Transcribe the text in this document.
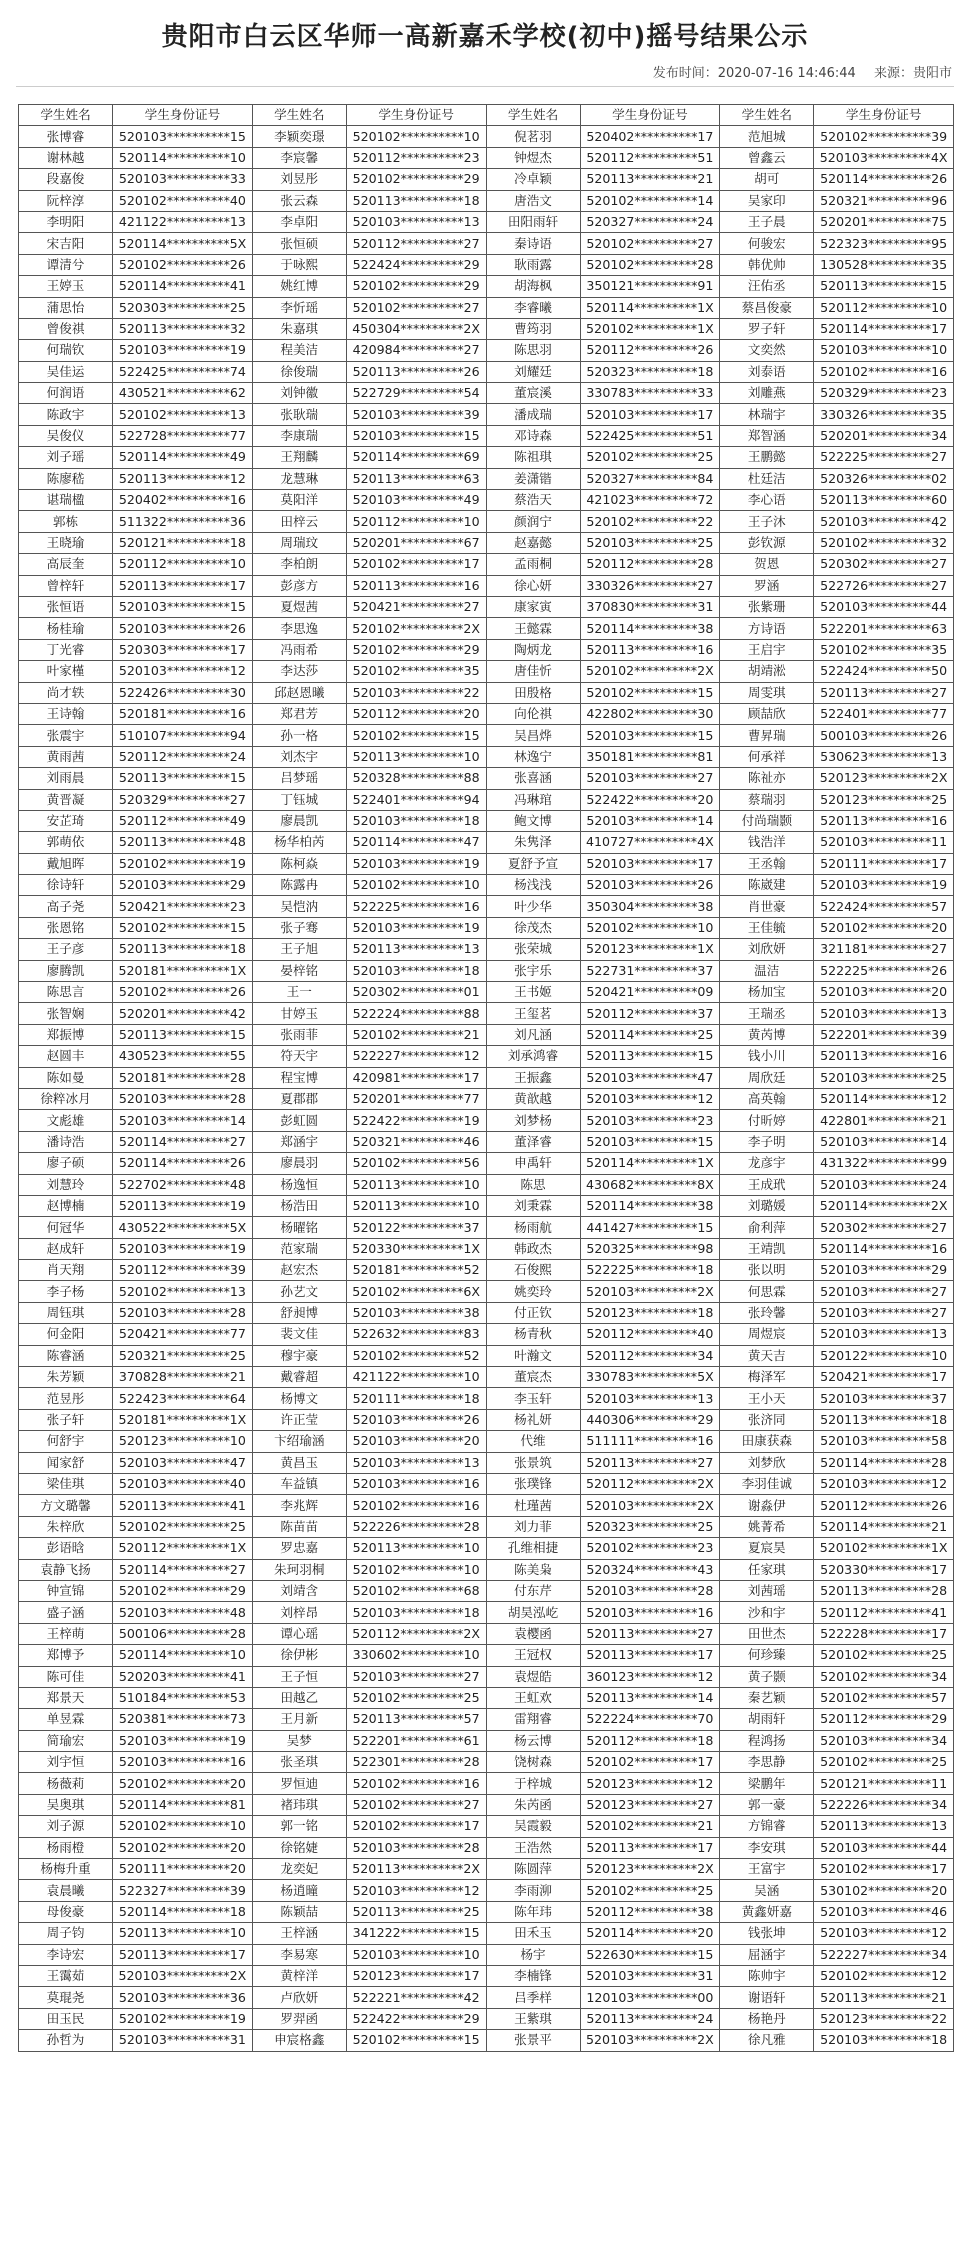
贵阳市白云区华师一高新嘉禾学校(初中)摇号结果公示
发布时间：2020-07-16 14:46:44 来源：贵阳市
学生姓名	学生身份证号	学生姓名	学生身份证号	学生姓名	学生身份证号	学生姓名	学生身份证号
张博睿	520103**********15	李颖奕璟	520102**********10	倪茗羽	520402**********17	范旭城	520102**********39
谢林越	520114**********10	李宸馨	520112**********23	钟煜杰	520112**********51	曾鑫云	520103**********4X
段嘉俊	520103**********33	刘昱彤	520102**********29	冷卓颖	520113**********21	胡可	520114**********26
阮梓淳	520102**********40	张云森	520113**********18	唐浩文	520102**********14	吴家印	520321**********96
李明阳	421122**********13	李卓阳	520103**********13	田阳雨轩	520327**********24	王子晨	520201**********75
宋吉阳	520114**********5X	张恒硕	520112**********27	秦诗语	520102**********27	何骏宏	522323**********95
谭清兮	520102**********26	于咏熙	522424**********29	耿雨露	520102**********28	韩优帅	130528**********35
王婷玉	520114**********41	姚红博	520102**********29	胡海枫	350121**********91	汪佑丞	520113**********15
蒲思怡	520303**********25	李忻瑶	520102**********27	李睿曦	520114**********1X	蔡昌俊豪	520112**********10
曾俊祺	520113**********32	朱嘉琪	450304**********2X	曹筠羽	520102**********1X	罗子轩	520114**********17
何瑞钦	520103**********19	程美洁	420984**********27	陈思羽	520112**********26	文奕然	520103**********10
吴佳运	522425**********74	徐俊瑞	520113**********26	刘耀廷	520323**********18	刘泰语	520102**********16
何润语	430521**********62	刘钟徽	522729**********54	董宸溪	330783**********33	刘雕燕	520329**********23
陈政宇	520102**********13	张耿瑞	520103**********39	潘成瑞	520103**********17	林瑞宇	330326**********35
吴俊仪	522728**********77	李康瑞	520103**********15	邓诗森	522425**********51	郑智涵	520201**********34
刘子瑶	520114**********49	王翔麟	520114**********69	陈祖琪	520102**********25	王鹏懿	522225**********27
陈廖嵇	520113**********12	龙慧琳	520113**********63	姜潇锴	520327**********84	杜廷洁	520326**********02
谌瑞楹	520402**********16	莫阳洋	520103**********49	蔡浩天	421023**********72	李心语	520113**********60
郭栋	511322**********36	田梓云	520112**********10	颜润宁	520102**********22	王子沐	520103**********42
王晓瑜	520121**********18	周瑞玟	520201**********67	赵嘉懿	520103**********25	彭钦源	520102**********32
高辰奎	520112**********10	李柏朗	520102**********17	孟雨桐	520112**********28	贺恩	520302**********27
曾梓轩	520113**********17	彭彦方	520113**********16	徐心妍	330326**********27	罗涵	522726**********27
张恒语	520103**********15	夏煜茜	520421**********27	康家寅	370830**********31	张紫珊	520103**********44
杨桂瑜	520103**********26	李思逸	520102**********2X	王懿霖	520114**********38	方诗语	522201**********63
丁光睿	520303**********17	冯雨希	520102**********29	陶炳龙	520113**********16	王启宇	520102**********35
叶家槿	520103**********12	李达莎	520102**********35	唐佳忻	520102**********2X	胡靖淞	522424**********50
尚才轶	522426**********30	邱赵恩曦	520103**********22	田殷格	520102**********15	周雯琪	520113**********27
王诗翰	520181**********16	郑君芳	520112**********20	向伦祺	422802**********30	顾喆欣	522401**********77
张震宇	510107**********94	孙一格	520102**********15	吴昌烨	520103**********15	曹昇瑞	500103**********26
黄雨茜	520112**********24	刘杰宇	520113**********10	林逸宁	350181**********81	何承祥	530623**********13
刘雨晨	520113**********15	吕梦瑶	520328**********88	张喜涵	520103**********27	陈祉亦	520123**********2X
黄晋凝	520329**********27	丁钰城	522401**********94	冯琳琯	522422**********20	蔡瑞羽	520123**********25
安芷琦	520112**********49	廖晨凯	520103**********18	鲍文博	520103**********14	付尚瑞颢	520113**********16
郭萌依	520113**********48	杨华柏芮	520114**********47	朱隽泽	410727**********4X	钱浩洋	520103**********11
戴旭晖	520102**********19	陈柯焱	520103**********19	夏舒予宣	520103**********17	王丞翰	520111**********17
徐诗轩	520103**********29	陈露冉	520102**********10	杨浅浅	520103**********26	陈崴建	520103**********19
高子尧	520421**********23	吴恺汭	522225**********16	叶少华	350304**********38	肖世豪	522424**********57
张恩铭	520102**********15	张子骞	520103**********19	徐茂杰	520102**********10	王佳毓	520102**********20
王子彦	520113**********18	王子旭	520113**********13	张荣城	520123**********1X	刘欣妍	321181**********27
廖腾凯	520181**********1X	晏梓铭	520103**********18	张宇乐	522731**********37	温洁	522225**********26
陈思言	520102**********26	王一	520302**********01	王书姬	520421**********09	杨加宝	520103**********20
张智娴	520201**********42	甘婷玉	522224**********88	王玺茗	520112**********37	王瑞丞	520103**********13
郑振博	520113**********15	张雨菲	520102**********21	刘凡涵	520114**********25	黄芮博	522201**********39
赵圆丰	430523**********55	符天宇	522227**********12	刘承鸿睿	520113**********15	钱小川	520113**********16
陈如曼	520181**********28	程宝博	420981**********17	王振鑫	520103**********47	周欣廷	520103**********25
徐粹冰月	520103**********28	夏郡郡	520201**********77	黄歆越	520103**********12	高英翰	520114**********12
文彪雄	520103**********14	彭虹圆	522422**********19	刘梦杨	520103**********23	付昕婷	422801**********21
潘诗浩	520114**********27	郑涵宇	520321**********46	董泽睿	520103**********15	李子明	520103**********14
廖子硕	520114**********26	廖晨羽	520102**********56	申禹轩	520114**********1X	龙彦宇	431322**********99
刘慧玲	522702**********48	杨逸恒	520113**********10	陈思	430682**********8X	王成玳	520103**********24
赵博楠	520113**********19	杨浩田	520113**********10	刘秉霖	520114**********38	刘璐媛	520114**********2X
何冠华	430522**********5X	杨曜铭	520122**********37	杨雨航	441427**********15	俞利萍	520302**********27
赵成轩	520103**********19	范家瑞	520330**********1X	韩政杰	520325**********98	王靖凯	520114**********16
肖天翔	520112**********39	赵宏杰	520181**********52	石俊熙	522225**********18	张以明	520103**********29
李子杨	520102**********13	孙艺文	520102**********6X	姚奕玲	520103**********2X	何思霖	520103**********27
周钰琪	520103**********28	舒昶博	520103**********38	付正钦	520123**********18	张玲馨	520103**********27
何金阳	520421**********77	裴文佳	522632**********83	杨青秋	520112**********40	周煜宸	520103**********13
陈睿涵	520321**********25	穆宇豪	520102**********52	叶瀚文	520112**********34	黄天吉	520122**********10
朱芳颖	370828**********21	戴睿超	421122**********10	董宸杰	330783**********5X	梅泽军	520421**********17
范昱彤	522423**********64	杨博文	520111**********18	李玉轩	520103**********13	王小天	520103**********37
张子轩	520181**********1X	许正莹	520103**********26	杨礼妍	440306**********29	张济同	520113**********18
何舒宇	520123**********10	卞绍瑜涵	520103**********20	代维	511111**********16	田康获森	520103**********58
闻家舒	520103**********47	黄昌玉	520103**********13	张景筑	520113**********27	刘梦欣	520114**********28
梁佳琪	520103**********40	车益镇	520103**********16	张璞锋	520112**********2X	李羽佳诚	520103**********12
方文璐馨	520113**********41	李兆辉	520102**********16	杜瑾茜	520103**********2X	谢淼伊	520112**********26
朱梓欣	520102**********25	陈苗苗	522226**********28	刘力菲	520323**********25	姚菁希	520114**********21
彭语晗	520112**********1X	罗忠嘉	520113**********10	孔维相捷	520102**********23	夏宸昊	520102**********1X
袁静飞扬	520114**********27	朱珂羽桐	520102**********10	陈美枭	520324**********43	任家琪	520330**********17
钟宣锦	520102**********29	刘靖含	520102**********68	付东芹	520103**********28	刘茜瑶	520113**********28
盛子涵	520103**********48	刘梓昂	520103**********18	胡昊泓屹	520103**********16	沙和宇	520112**********41
王梓萌	500106**********28	谭心瑶	520112**********2X	袁樱函	520113**********27	田世杰	522228**********17
郑博予	520114**********10	徐伊彬	330602**********10	王冠权	520113**********17	何珍臻	520102**********25
陈可佳	520203**********41	王子恒	520103**********27	袁煜皓	360123**********12	黄子颢	520102**********34
郑景天	510184**********53	田越乙	520102**********25	王虹欢	520113**********14	秦艺颖	520102**********57
单昱霖	520381**********73	王月新	520113**********57	雷翔睿	522224**********70	胡雨轩	520112**********29
简瑜宏	520103**********19	吴梦	522201**********61	杨云博	520112**********18	程鸿扬	520103**********34
刘宇恒	520103**********16	张圣琪	522301**********28	饶树森	520102**********17	李思静	520102**********25
杨薇莉	520102**********20	罗恒迪	520102**********16	于梓城	520123**********12	梁鹏年	520121**********11
吴奥琪	520114**********81	褚玮琪	520102**********27	朱芮函	520123**********27	郭一豪	522226**********34
刘子源	520102**********10	郭一铭	520102**********17	吴霞毅	520102**********21	方锦睿	520113**********13
杨雨橙	520102**********20	徐铭婕	520103**********28	王浩然	520113**********17	李安琪	520103**********44
杨梅升重	520111**********20	龙奕妃	520113**********2X	陈圆萍	520123**********2X	王富宇	520102**********17
袁晨曦	522327**********39	杨逍曈	520103**********12	李雨泖	520102**********25	吴涵	530102**********20
母俊豪	520114**********18	陈颖喆	520113**********25	陈年玮	520112**********38	黄鑫妍嘉	520103**********46
周子钧	520113**********10	王梓涵	341222**********15	田禾玉	520114**********20	钱张坤	520103**********12
李诗宏	520113**********17	李易寒	520103**********10	杨宇	522630**********15	屈涵宇	522227**********34
王霭茹	520103**********2X	黄梓洋	520123**********17	李楠锋	520103**********31	陈帅宇	520102**********12
莫琨尧	520103**********36	卢欣妍	522221**********42	吕季样	120103**********00	谢语轩	520113**********21
田玉民	520102**********19	罗羿函	522422**********29	王紫琪	520113**********24	杨艳丹	520123**********22
孙哲为	520103**********31	申宸格鑫	520102**********15	张景平	520103**********2X	徐凡雅	520103**********18
